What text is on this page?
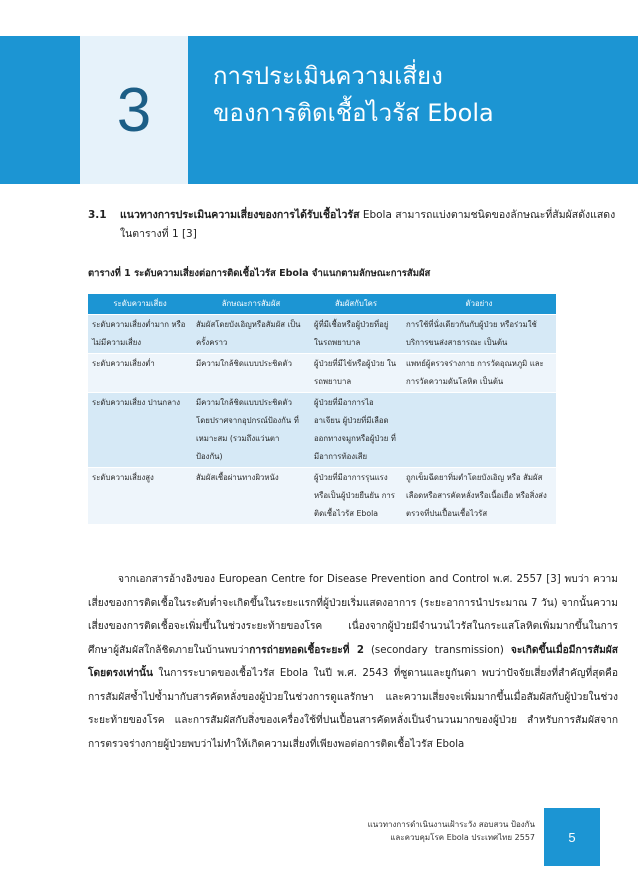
3	การประเมินความเสี่ยง
ของการติดเชื้อไวรัส Ebola
3.1 แนวทางการประเมินความเสี่ยงของการได้รับเชื้อไวรัส Ebola สามารถแบ่งตามชนิดของลักษณะที่สัมผัสดังแสดงในตารางที่ 1 [3]
ตารางที่ 1 ระดับความเสี่ยงต่อการติดเชื้อไวรัส Ebola จำแนกตามลักษณะการสัมผัส
ระดับความเสี่ยง	ลักษณะการสัมผัส	สัมผัสกับใคร	ตัวอย่าง
ระดับความเสี่ยงต่ำมาก หรือไม่มีความเสี่ยง	สัมผัสโดยบังเอิญหรือสัมผัส เป็นครั้งคราว	ผู้ที่มีเชื้อหรือผู้ป่วยที่อยู่ ในรถพยาบาล	การใช้ที่นั่งเดียวกันกับผู้ป่วย หรือร่วมใช้ บริการขนส่งสาธารณะ เป็นต้น
ระดับความเสี่ยงต่ำ	มีความใกล้ชิดแบบประชิดตัว	ผู้ป่วยที่มีไข้หรือผู้ป่วย ในรถพยาบาล	แพทย์ผู้ตรวจร่างกาย การวัดอุณหภูมิ และการวัดความดันโลหิต เป็นต้น
ระดับความเสี่ยง ปานกลาง	มีความใกล้ชิดแบบประชิดตัว โดยปราศจากอุปกรณ์ป้องกัน ที่เหมาะสม (รวมถึงแว่นตา ป้องกัน)	ผู้ป่วยที่มีอาการไอ อาเจียน ผู้ป่วยที่มีเลือด ออกทางจมูกหรือผู้ป่วย ที่มีอาการท้องเสีย	
ระดับความเสี่ยงสูง	สัมผัสเชื้อผ่านทางผิวหนัง	ผู้ป่วยที่มีอาการรุนแรง หรือเป็นผู้ป่วยยืนยัน การติดเชื้อไวรัส Ebola	ถูกเข็มฉีดยาทิ่มตำโดยบังเอิญ หรือ สัมผัสเลือดหรือสารคัดหลั่งหรือเนื้อเยื่อ หรือสิ่งส่งตรวจที่ปนเปื้อนเชื้อไวรัส

จากเอกสารอ้างอิงของ European Centre for Disease Prevention and Control พ.ศ. 2557 [3] พบว่า ความเสี่ยงของการติดเชื้อในระดับต่ำจะเกิดขึ้นในระยะแรกที่ผู้ป่วยเริ่มแสดงอาการ (ระยะอาการนำประมาณ 7 วัน) จากนั้นความเสี่ยงของการติดเชื้อจะเพิ่มขึ้นในช่วงระยะท้ายของโรค เนื่องจากผู้ป่วยมีจำนวนไวรัสในกระแสโลหิตเพิ่มมากขึ้นในการศึกษาผู้สัมผัสใกล้ชิดภายในบ้านพบว่าการถ่ายทอดเชื้อระยะที่ 2 (secondary transmission) จะเกิดขึ้นเมื่อมีการสัมผัสโดยตรงเท่านั้น ในการระบาดของเชื้อไวรัส Ebola ในปี พ.ศ. 2543 ที่ซูดานและยูกันดา พบว่าปัจจัยเสี่ยงที่สำคัญที่สุดคือการสัมผัสซ้ำไปซ้ำมากับสารคัดหลั่งของผู้ป่วยในช่วงการดูแลรักษา และความเสี่ยงจะเพิ่มมากขึ้นเมื่อสัมผัสกับผู้ป่วยในช่วงระยะท้ายของโรค และการสัมผัสกับสิ่งของเครื่องใช้ที่ปนเปื้อนสารคัดหลั่งเป็นจำนวนมากของผู้ป่วย สำหรับการสัมผัสจากการตรวจร่างกายผู้ป่วยพบว่าไม่ทำให้เกิดความเสี่ยงที่เพียงพอต่อการติดเชื้อไวรัส Ebola

แนวทางการดำเนินงานเฝ้าระวัง สอบสวน ป้องกัน
และควบคุมโรค Ebola ประเทศไทย 2557	5
